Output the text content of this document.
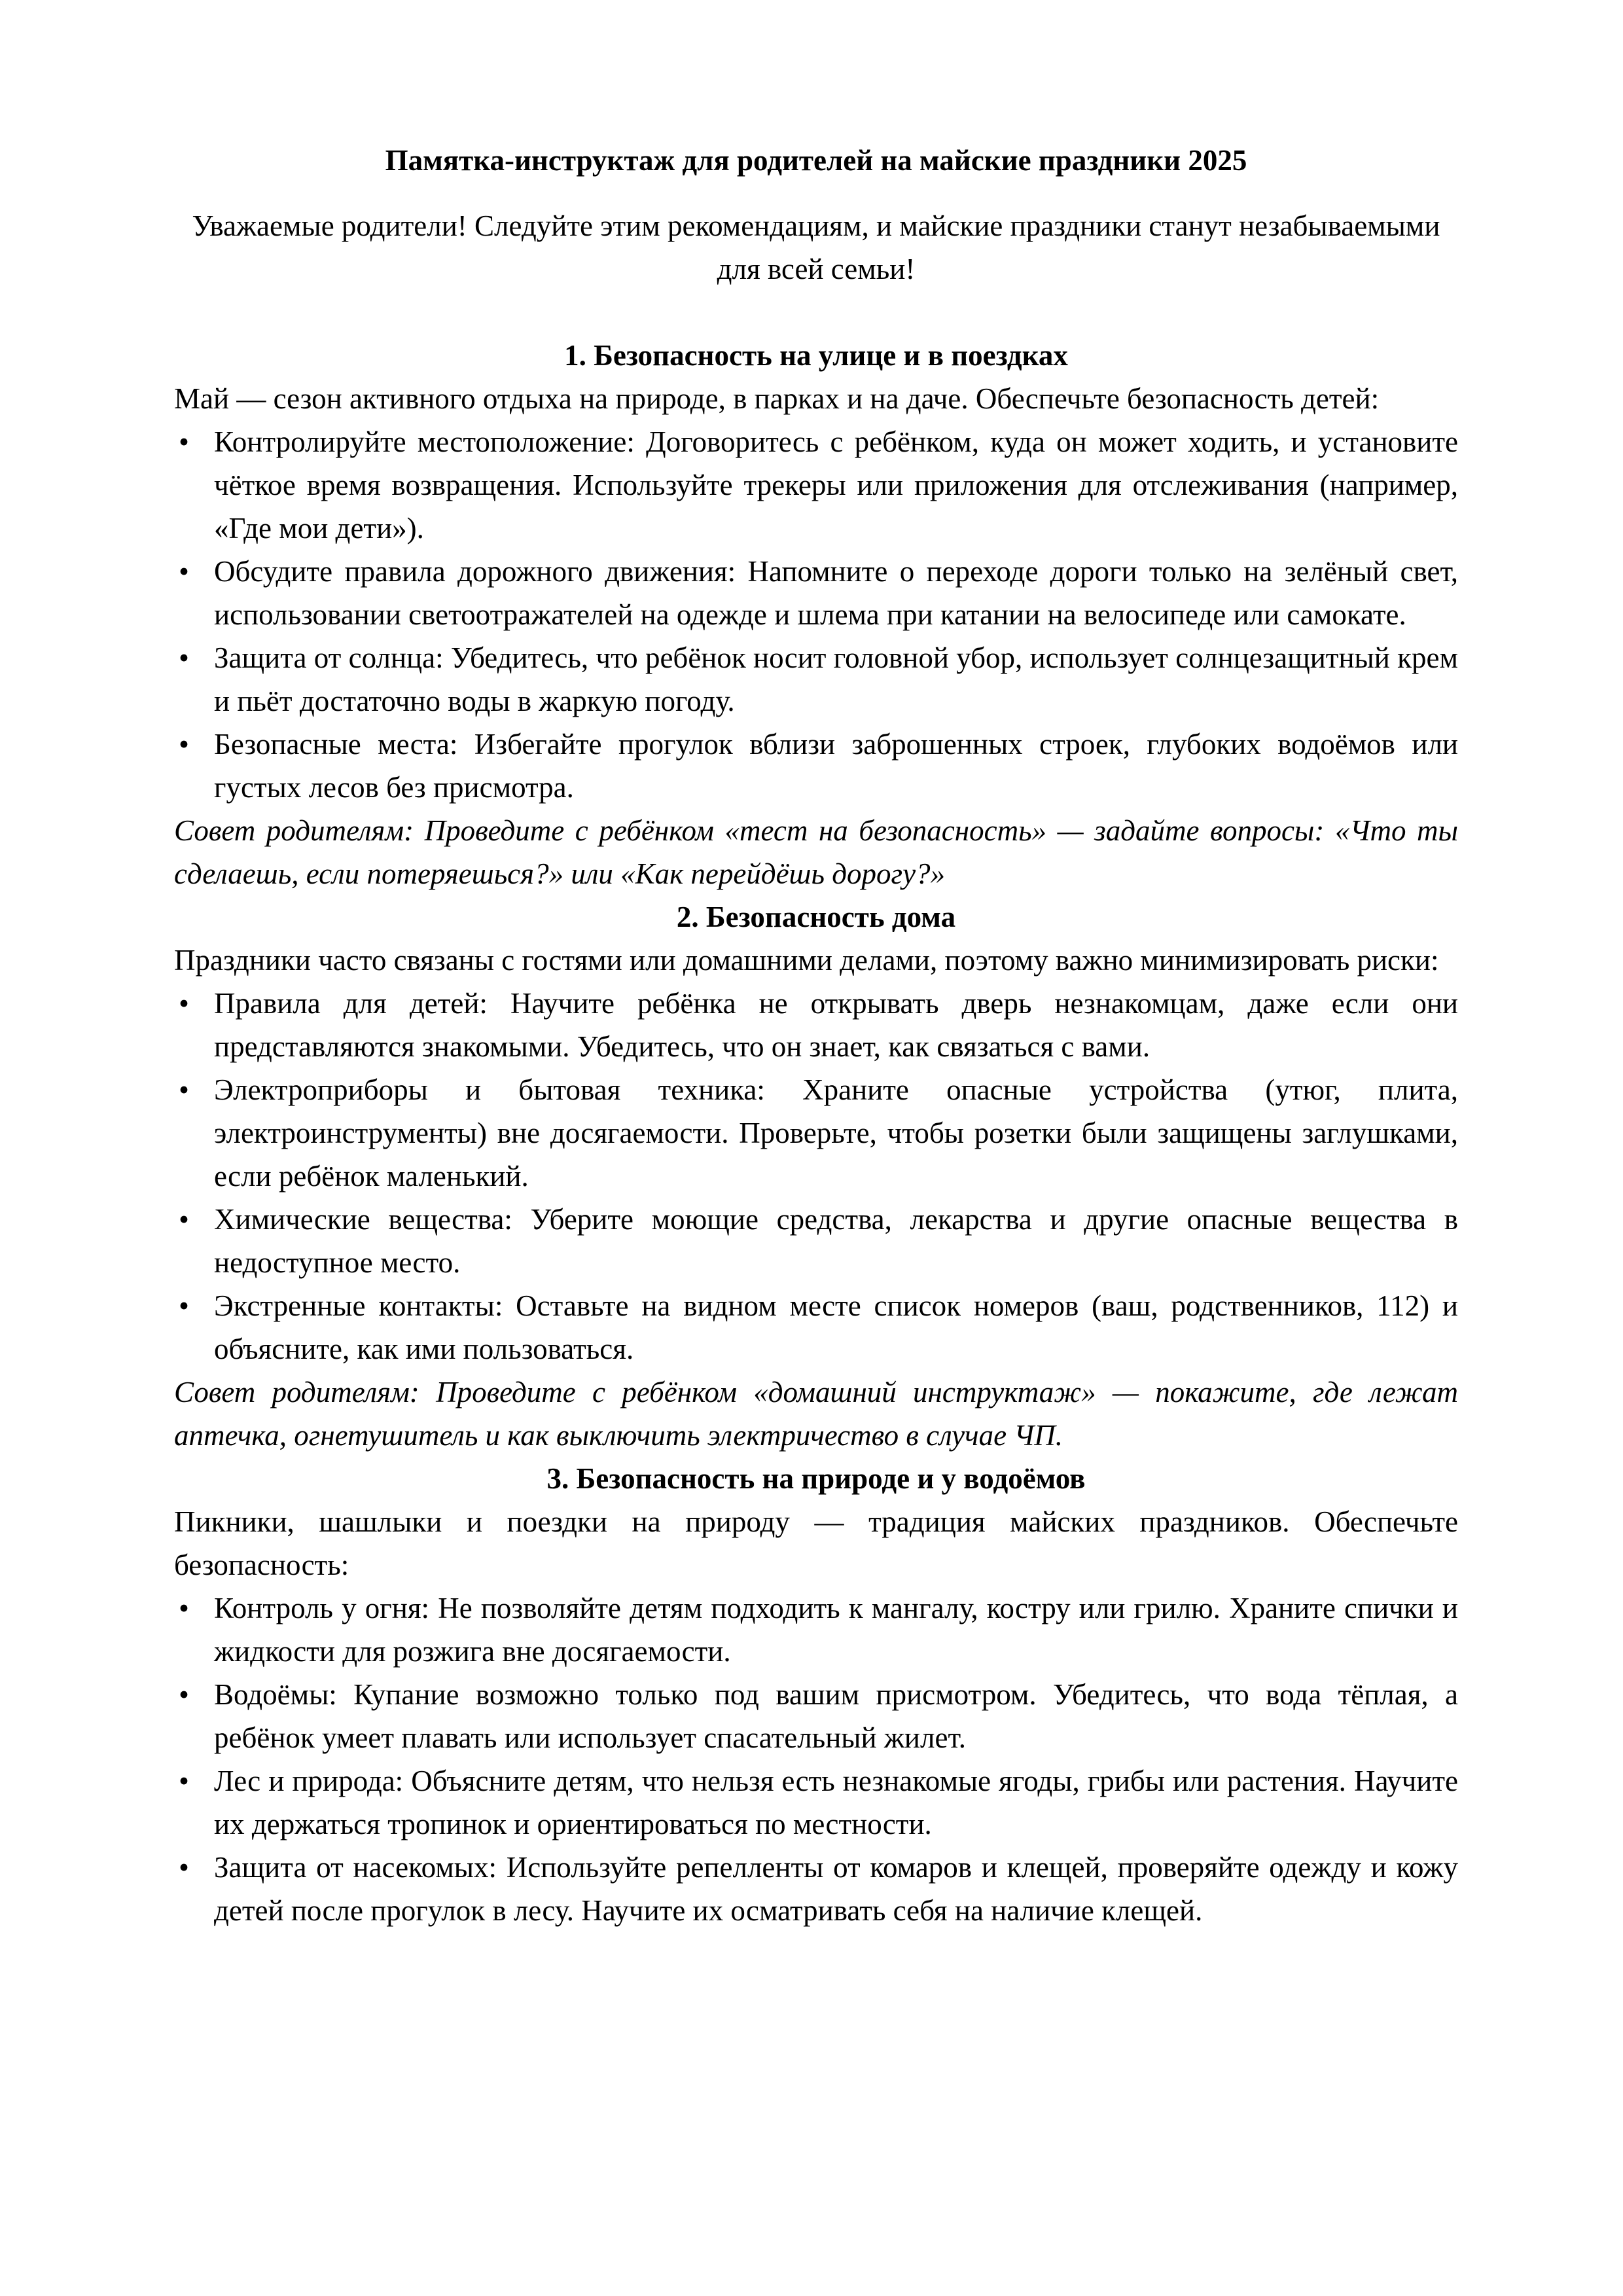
Памятка-инструктаж для родителей на майские праздники 2025

Уважаемые родители! Следуйте этим рекомендациям, и майские праздники станут незабываемыми для всей семьи!

1. Безопасность на улице и в поездках

Май — сезон активного отдыха на природе, в парках и на даче. Обеспечьте безопасность детей:

• Контролируйте местоположение: Договоритесь с ребёнком, куда он может ходить, и установите чёткое время возвращения. Используйте трекеры или приложения для отслеживания (например, «Где мои дети»).
• Обсудите правила дорожного движения: Напомните о переходе дороги только на зелёный свет, использовании светоотражателей на одежде и шлема при катании на велосипеде или самокате.
• Защита от солнца: Убедитесь, что ребёнок носит головной убор, использует солнцезащитный крем и пьёт достаточно воды в жаркую погоду.
• Безопасные места: Избегайте прогулок вблизи заброшенных строек, глубоких водоёмов или густых лесов без присмотра.

Совет родителям: Проведите с ребёнком «тест на безопасность» — задайте вопросы: «Что ты сделаешь, если потеряешься?» или «Как перейдёшь дорогу?»

2. Безопасность дома

Праздники часто связаны с гостями или домашними делами, поэтому важно минимизировать риски:

• Правила для детей: Научите ребёнка не открывать дверь незнакомцам, даже если они представляются знакомыми. Убедитесь, что он знает, как связаться с вами.
• Электроприборы и бытовая техника: Храните опасные устройства (утюг, плита, электроинструменты) вне досягаемости. Проверьте, чтобы розетки были защищены заглушками, если ребёнок маленький.
• Химические вещества: Уберите моющие средства, лекарства и другие опасные вещества в недоступное место.
• Экстренные контакты: Оставьте на видном месте список номеров (ваш, родственников, 112) и объясните, как ими пользоваться.

Совет родителям: Проведите с ребёнком «домашний инструктаж» — покажите, где лежат аптечка, огнетушитель и как выключить электричество в случае ЧП.

3. Безопасность на природе и у водоёмов

Пикники, шашлыки и поездки на природу — традиция майских праздников. Обеспечьте безопасность:

• Контроль у огня: Не позволяйте детям подходить к мангалу, костру или грилю. Храните спички и жидкости для розжига вне досягаемости.
• Водоёмы: Купание возможно только под вашим присмотром. Убедитесь, что вода тёплая, а ребёнок умеет плавать или использует спасательный жилет.
• Лес и природа: Объясните детям, что нельзя есть незнакомые ягоды, грибы или растения. Научите их держаться тропинок и ориентироваться по местности.
• Защита от насекомых: Используйте репелленты от комаров и клещей, проверяйте одежду и кожу детей после прогулок в лесу. Научите их осматривать себя на наличие клещей.
